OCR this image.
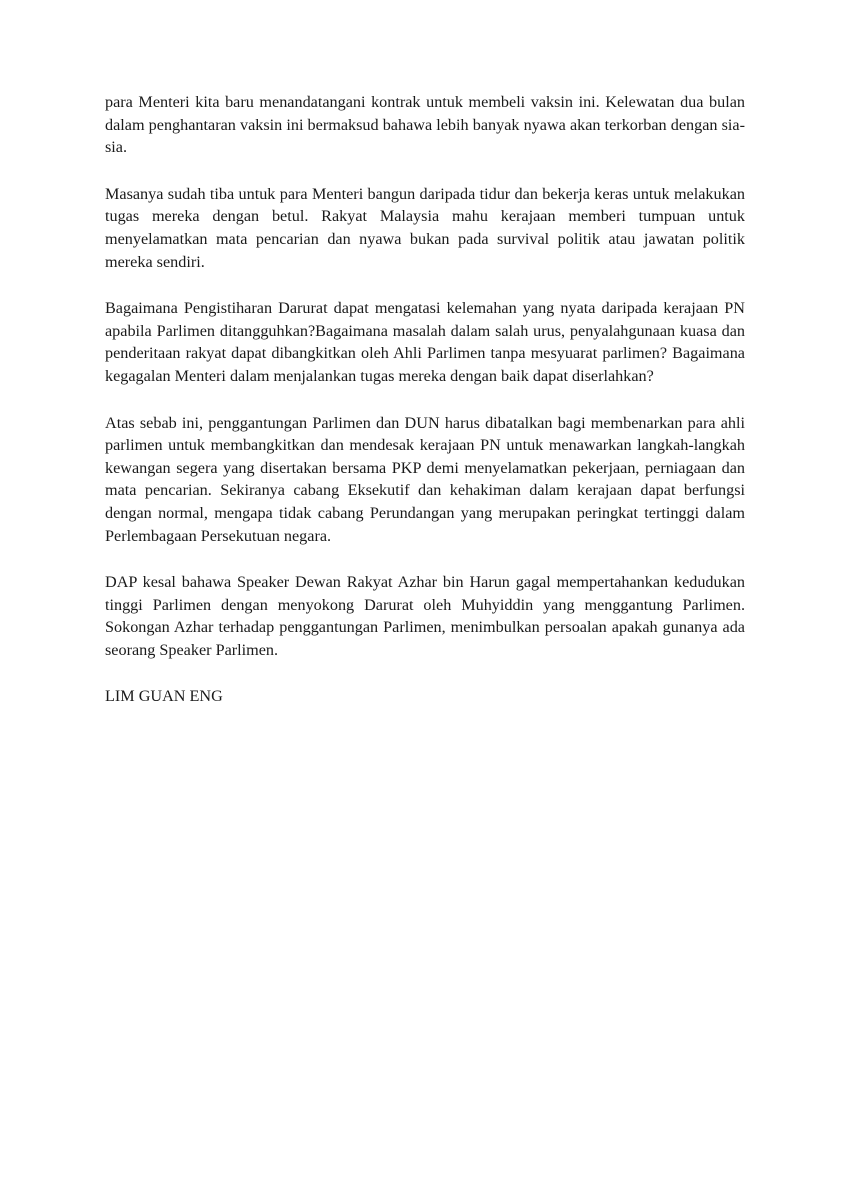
para Menteri kita baru menandatangani kontrak untuk membeli vaksin ini. Kelewatan dua bulan dalam penghantaran vaksin ini bermaksud bahawa lebih banyak nyawa akan terkorban dengan sia-sia.

Masanya sudah tiba untuk para Menteri bangun daripada tidur dan bekerja keras untuk melakukan tugas mereka dengan betul. Rakyat Malaysia mahu kerajaan memberi tumpuan untuk menyelamatkan mata pencarian dan nyawa bukan pada survival politik atau jawatan politik mereka sendiri.

Bagaimana Pengistiharan Darurat dapat mengatasi kelemahan yang nyata daripada kerajaan PN apabila Parlimen ditangguhkan?Bagaimana masalah dalam salah urus, penyalahgunaan kuasa dan penderitaan rakyat dapat dibangkitkan oleh Ahli Parlimen tanpa mesyuarat parlimen? Bagaimana kegagalan Menteri dalam menjalankan tugas mereka dengan baik dapat diserlahkan?

Atas sebab ini, penggantungan Parlimen dan DUN harus dibatalkan bagi membenarkan para ahli parlimen untuk membangkitkan dan mendesak kerajaan PN untuk menawarkan langkah-langkah kewangan segera yang disertakan bersama PKP demi menyelamatkan pekerjaan, perniagaan dan mata pencarian. Sekiranya cabang Eksekutif dan kehakiman dalam kerajaan dapat berfungsi dengan normal, mengapa tidak cabang Perundangan yang merupakan peringkat tertinggi dalam Perlembagaan Persekutuan negara.

DAP kesal bahawa Speaker Dewan Rakyat Azhar bin Harun gagal mempertahankan kedudukan tinggi Parlimen dengan menyokong Darurat oleh Muhyiddin yang menggantung Parlimen. Sokongan Azhar terhadap penggantungan Parlimen, menimbulkan persoalan apakah gunanya ada seorang Speaker Parlimen.

LIM GUAN ENG
